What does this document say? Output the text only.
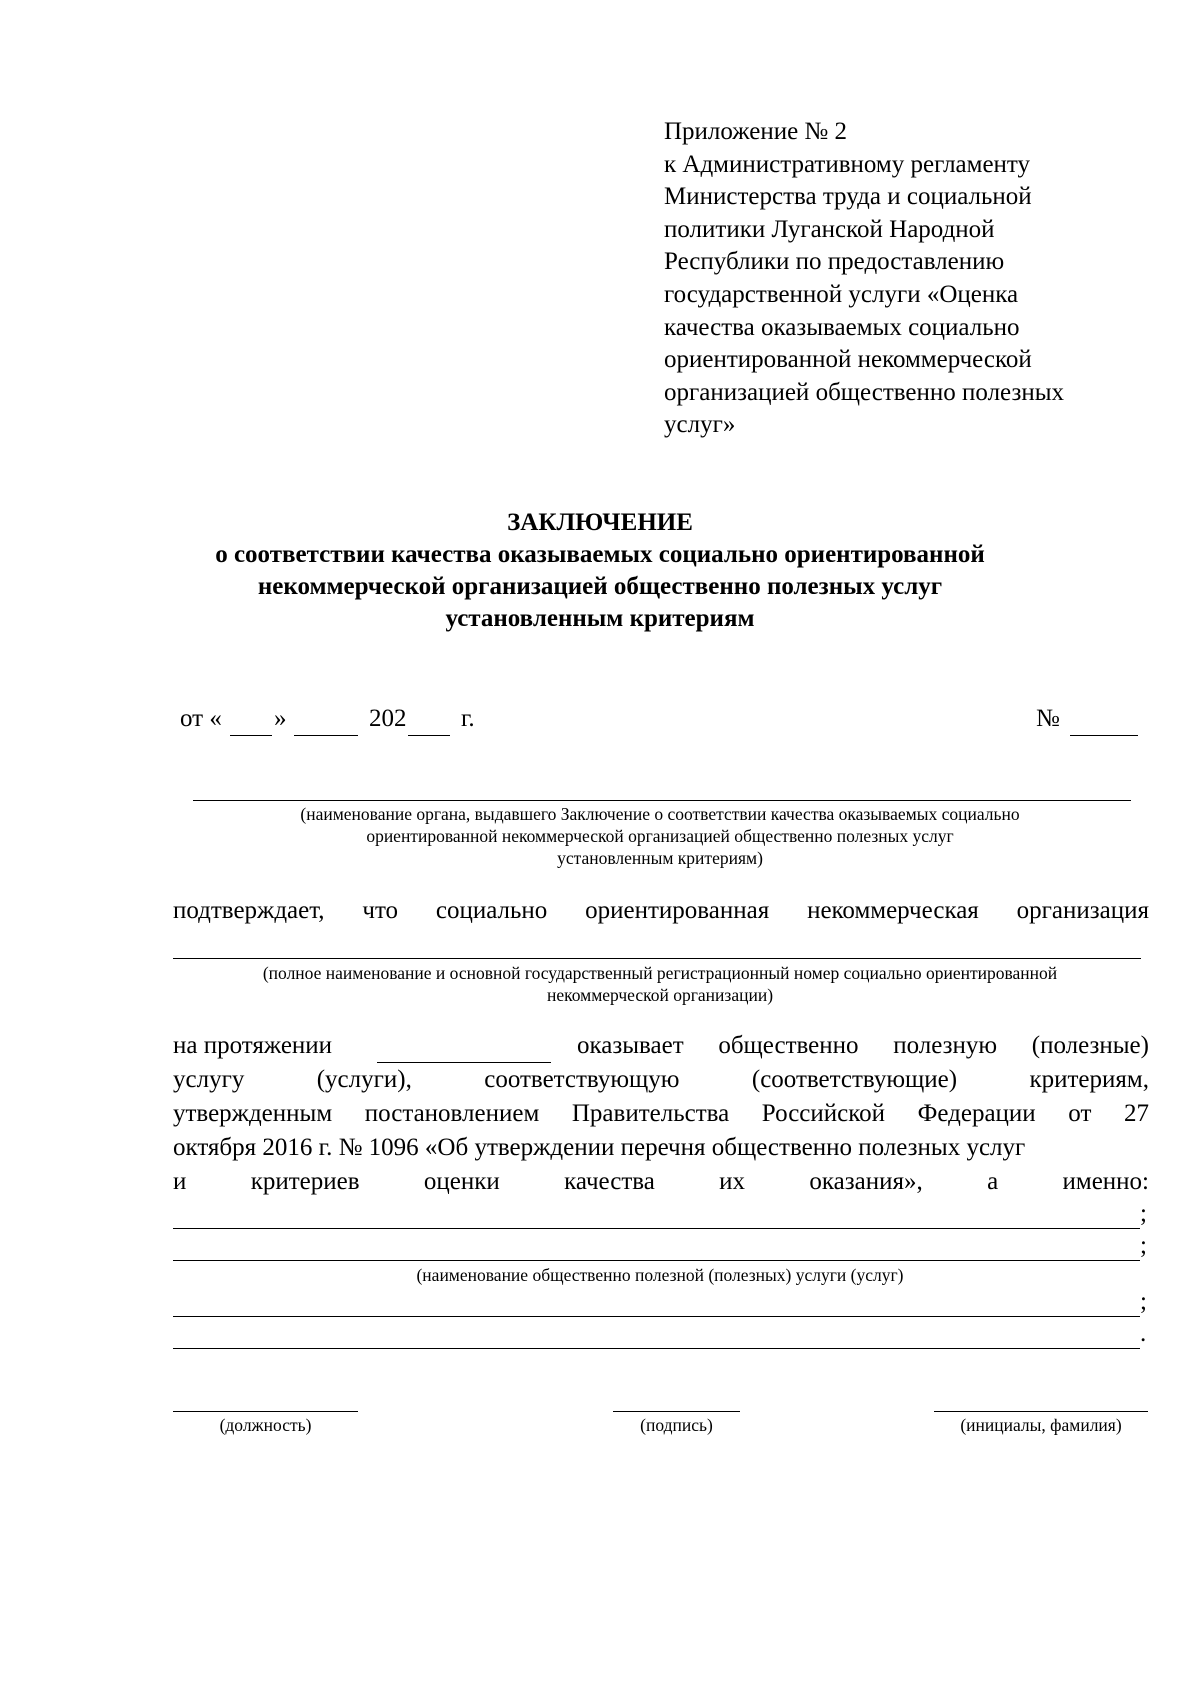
Приложение № 2
к Административному регламенту
Министерства труда и социальной
политики Луганской Народной
Республики по предоставлению
государственной услуги «Оценка
качества оказываемых социально
ориентированной некоммерческой
организацией общественно полезных
услуг»
ЗАКЛЮЧЕНИЕ
о соответствии качества оказываемых социально ориентированной
некоммерческой организацией общественно полезных услуг
установленным критериям
от « »	202 г.	№
(наименование органа, выдавшего Заключение о соответствии качества оказываемых социально
ориентированной некоммерческой организацией общественно полезных услуг
установленным критериям)
подтверждает, что социально ориентированная некоммерческая организация
(полное наименование и основной государственный регистрационный номер социально ориентированной
некоммерческой организации)
на протяжении	оказывает общественно полезную (полезные)
услугу	(услуги),	соответствующую	(соответствующие)	критериям,
утвержденным постановлением Правительства Российской Федерации от 27
октября 2016 г. № 1096 «Об утверждении перечня общественно полезных услуг
и	критериев	оценки	качества	их	оказания»,	а	именно:
;
;
(наименование общественно полезной (полезных) услуги (услуг)
;
.
(должность)	(подпись)	(инициалы, фамилия)
